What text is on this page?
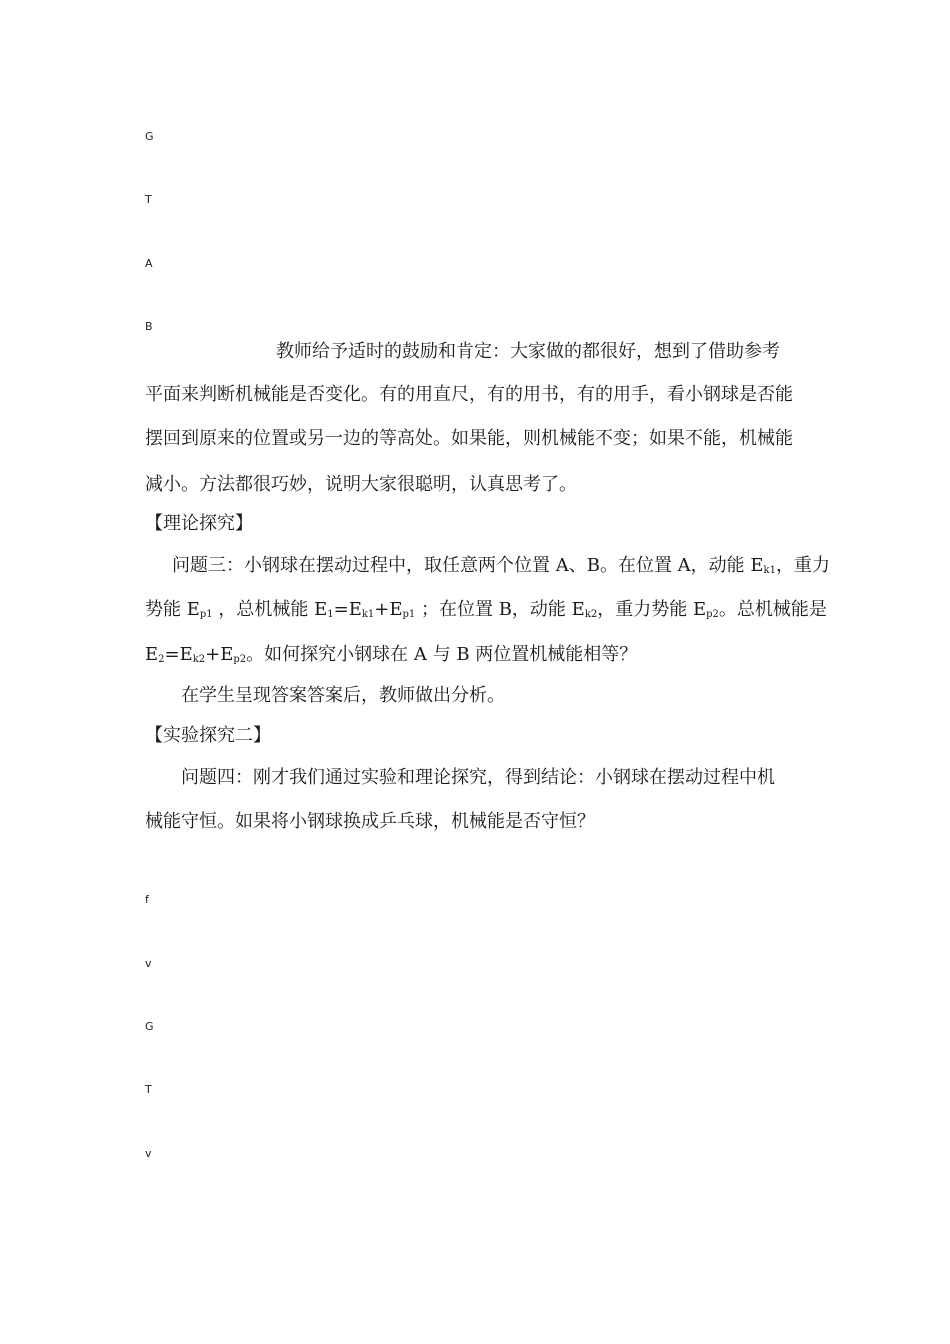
G
T
A
B
教师给予适时的鼓励和肯定：大家做的都很好，想到了借助参考
平面来判断机械能是否变化。有的用直尺，有的用书，有的用手，看小钢球是否能
摆回到原来的位置或另一边的等高处。如果能，则机械能不变；如果不能，机械能
减小。方法都很巧妙，说明大家很聪明，认真思考了。
【理论探究】
问题三：小钢球在摆动过程中，取任意两个位置 A、B。在位置 A，动能 $E_{k1}$，重力
势能 $E_{p1}$ ，总机械能 $E_1=E_{k1}+E_{p1}$ ；在位置 B，动能 $E_{k2}$，重力势能 $E_{p2}$。总机械能是
$E_2=E_{k2}+E_{p2}$。如何探究小钢球在 A 与 B 两位置机械能相等？
在学生呈现答案答案后，教师做出分析。
【实验探究二】
问题四：刚才我们通过实验和理论探究，得到结论：小钢球在摆动过程中机
械能守恒。如果将小钢球换成乒乓球，机械能是否守恒？
f
v
G
T
v
